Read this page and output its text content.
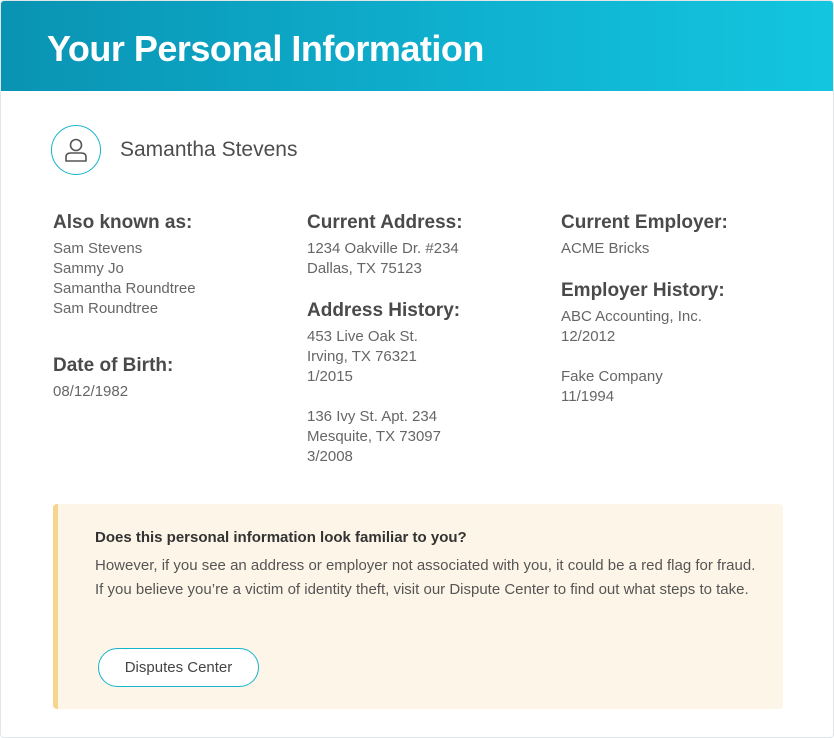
Your Personal Information
Samantha Stevens
Also known as:
Sam Stevens
Sammy Jo
Samantha Roundtree
Sam Roundtree
Date of Birth:
08/12/1982
Current Address:
1234 Oakville Dr. #234
Dallas, TX 75123
Address History:
453 Live Oak St.
Irving, TX 76321
1/2015
136 Ivy St. Apt. 234
Mesquite, TX 73097
3/2008
Current Employer:
ACME Bricks
Employer History:
ABC Accounting, Inc.
12/2012
Fake Company
11/1994
Does this personal information look familiar to you?
However, if you see an address or employer not associated with you, it could be a red flag for fraud. If you believe you’re a victim of identity theft, visit our Dispute Center to find out what steps to take.
Disputes Center
